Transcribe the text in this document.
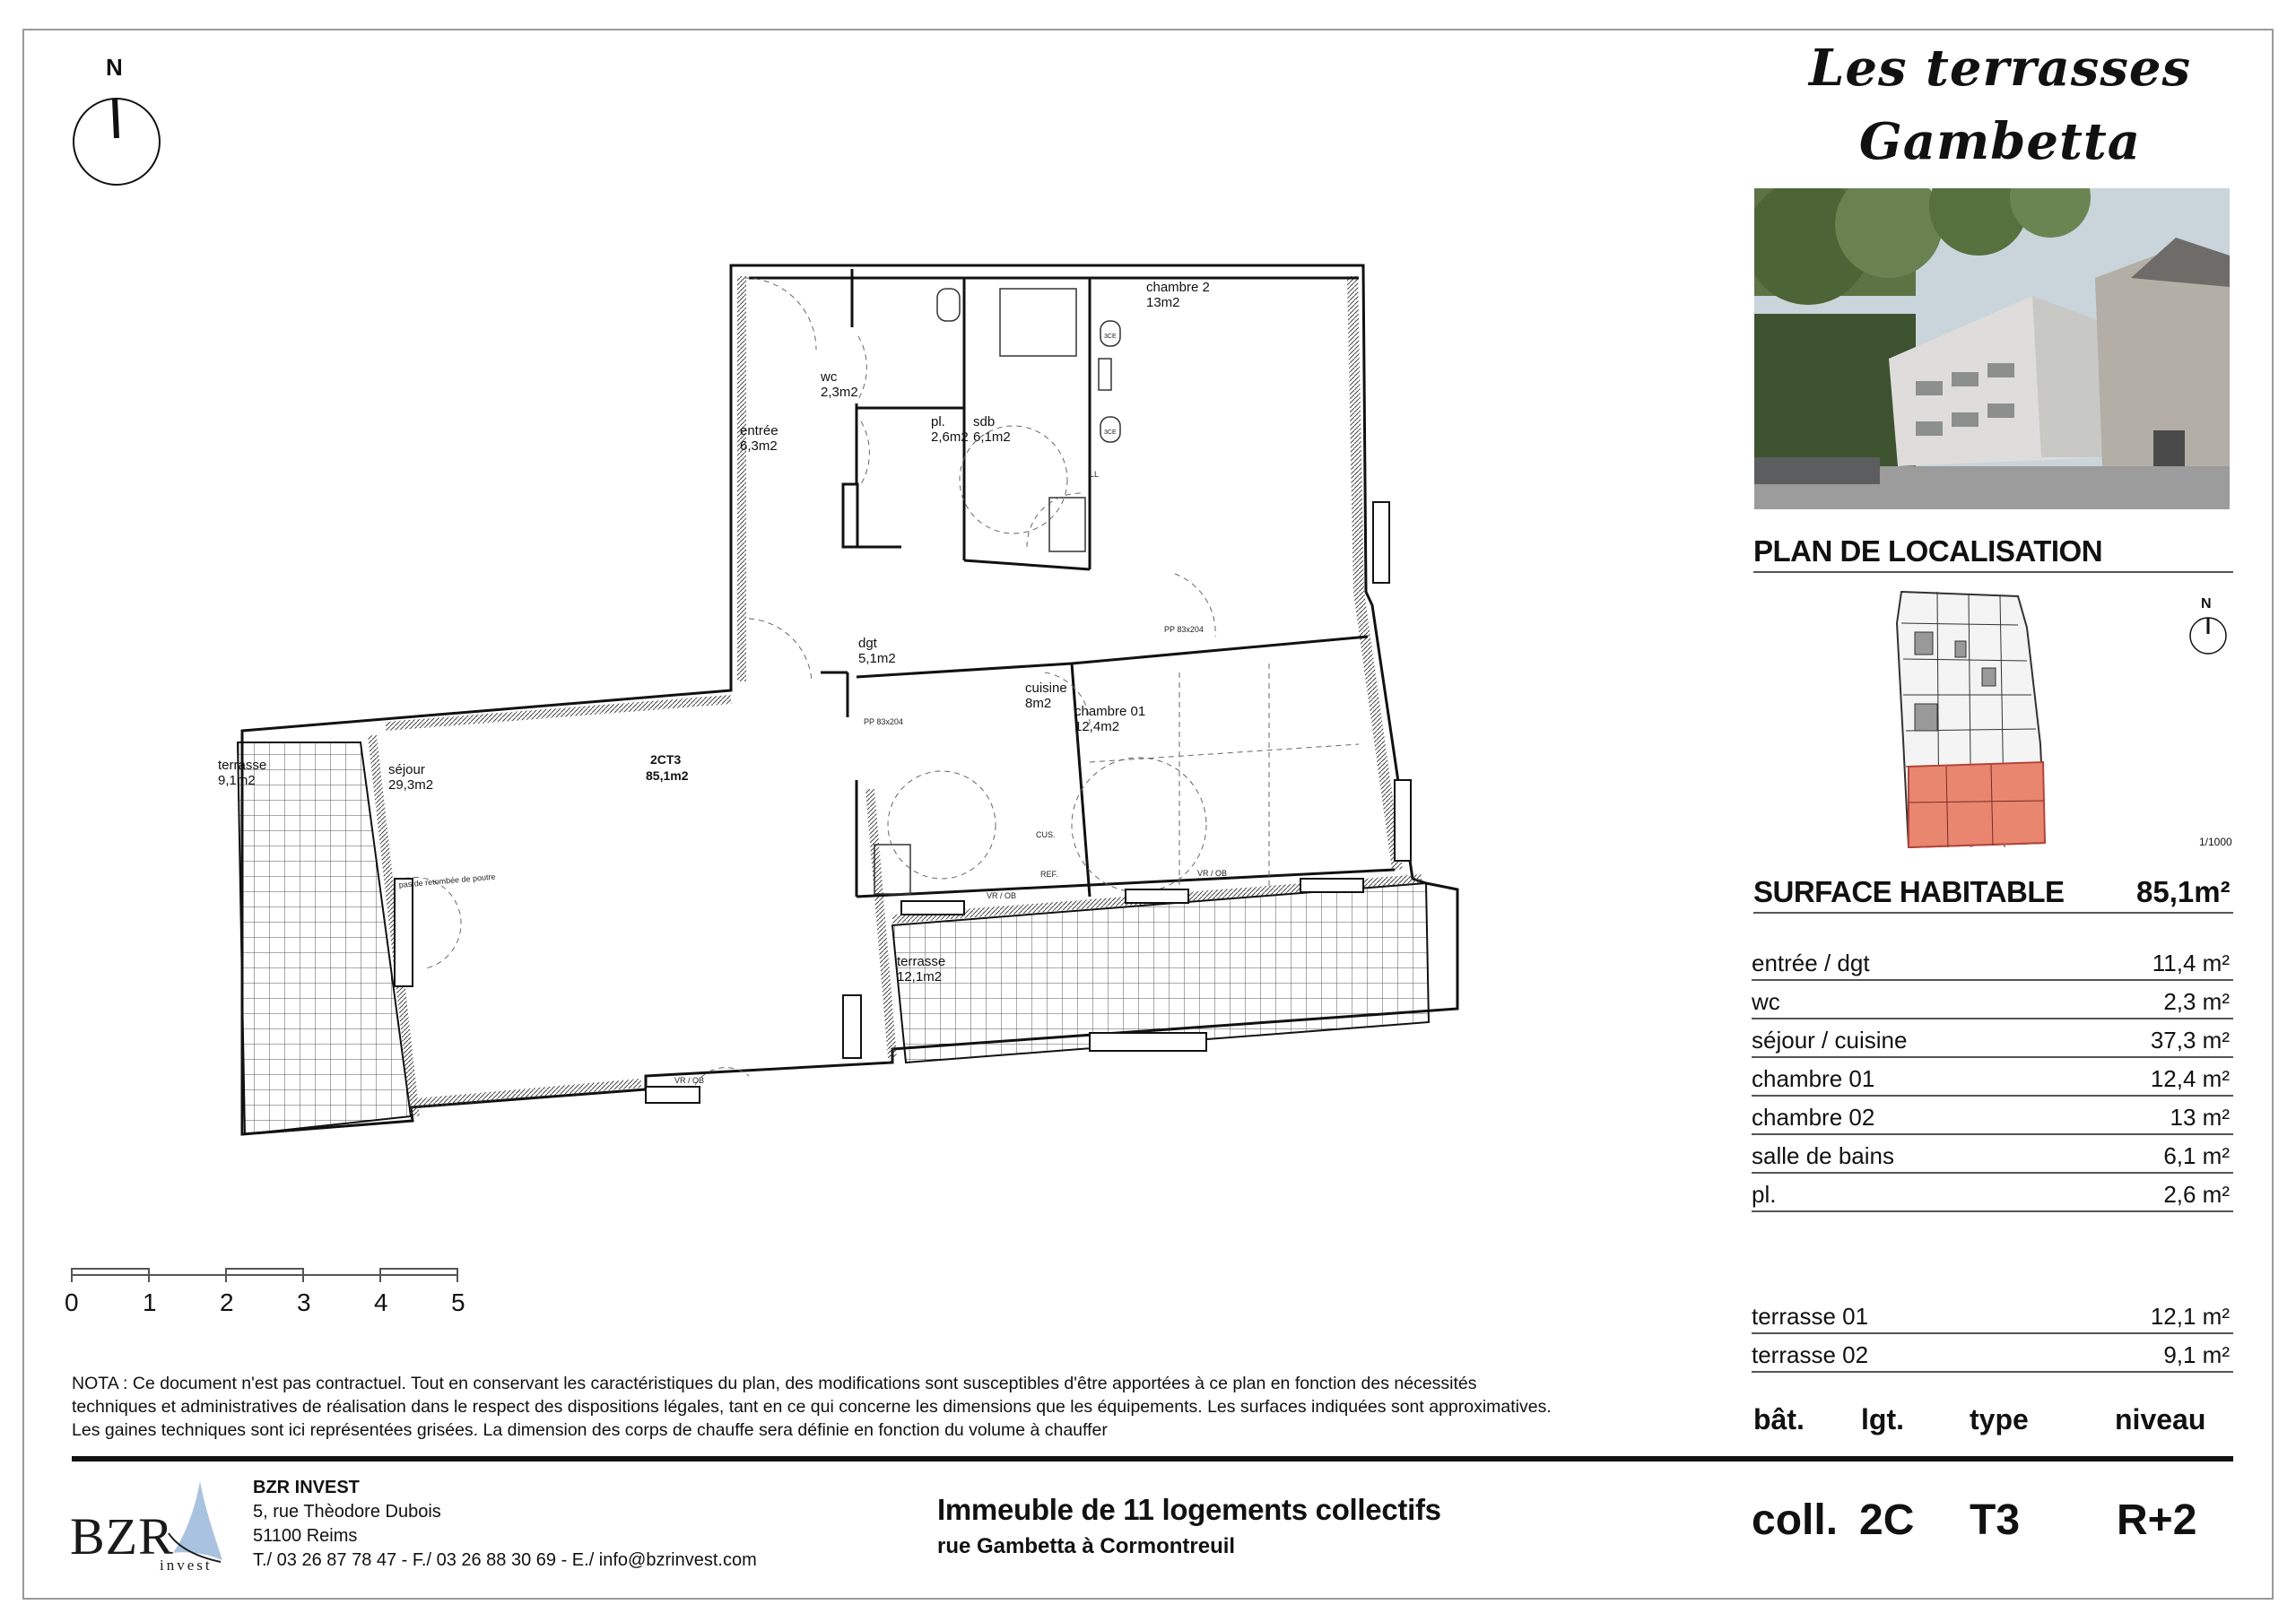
N
entrée
6,3m2
wc
2,3m2
pl.
2,6m2
sdb
6,1m2
chambre 2
13m2
dgt
5,1m2
cuisine
8m2
chambre 01
12,4m2
séjour
29,3m2
terrasse
9,1m2
terrasse
12,1m2
2CT3
85,1m2
pas de retombée de poutre
VR / OB
VR / OB
VR / OB
PP 83x204
PP 83x204
CUS.
REF.
LL
3CE
3CE
0	1	2	3	4	5
NOTA : Ce document n'est pas contractuel. Tout en conservant les caractéristiques du plan, des modifications sont susceptibles d'être apportées à ce plan en fonction des nécessités techniques et administratives de réalisation dans le respect des dispositions légales, tant en ce qui concerne les dimensions que les équipements. Les surfaces indiquées sont approximatives. Les gaines techniques sont ici représentées grisées. La dimension des corps de chauffe sera définie en fonction du volume à chauffer
BZR
invest
BZR INVEST
5, rue Thèodore Dubois
51100 Reims
T./ 03 26 87 78 47 - F./ 03 26 88 30 69 - E./ info@bzrinvest.com
Immeuble de 11 logements collectifs
rue Gambetta à Cormontreuil
Les terrasses
Gambetta
PLAN DE LOCALISATION
N
1/1000
SURFACE HABITABLE 85,1m²
entrée / dgt	11,4 m²
wc	2,3 m²
séjour / cuisine	37,3 m²
chambre 01	12,4 m²
chambre 02	13 m²
salle de bains	6,1 m²
pl.	2,6 m²
terrasse 01	12,1 m²
terrasse 02	9,1 m²
bât. lgt. type	niveau
coll. 2C T3 R+2
